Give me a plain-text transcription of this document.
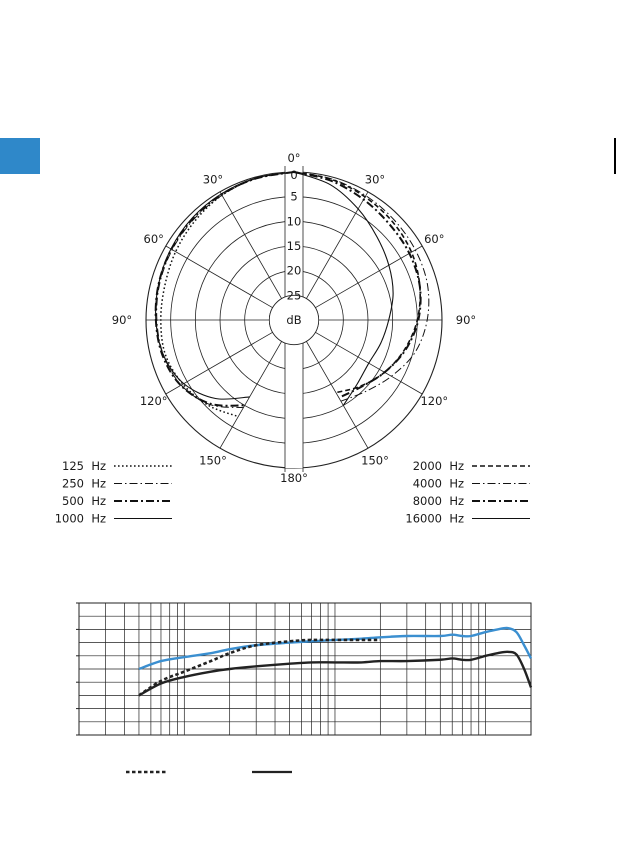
0
5
10
15
20
25
dB
0°
180°
30°
30°
60°
60°
90°
90°
120°
120°
150°
150°
125 Hz
250 Hz
500 Hz
1000 Hz
2000 Hz
4000 Hz
8000 Hz
16000 Hz
